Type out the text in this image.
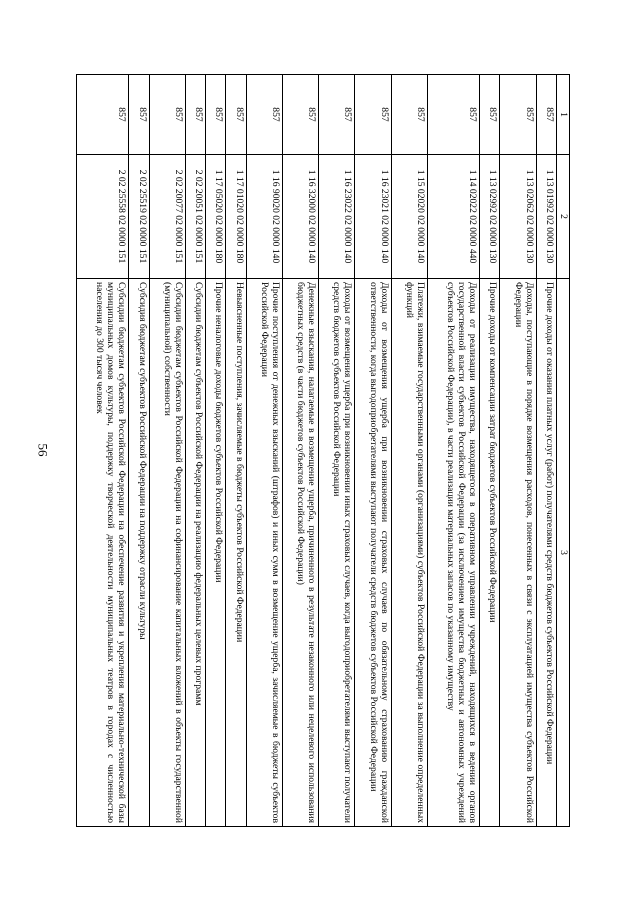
56

1	2	3
857	1 13 01992 02 0000 130	Прочие доходы от оказания платных услуг (работ) получателями средств бюджетов субъектов Российской Федерации
857	1 13 02062 02 0000 130	Доходы, поступающие в порядке возмещения расходов, понесенных в связи с эксплуатацией имущества субъектов Российской Федерации
857	1 13 02992 02 0000 130	Прочие доходы от компенсации затрат бюджетов субъектов Российской Федерации
857	1 14 02022 02 0000 440	Доходы от реализации имущества, находящегося в оперативном управлении учреждений, находящихся в ведении органов государственной власти субъектов Российской Федерации (за исключением имущества бюджетных и автономных учреждений субъектов Российской Федерации), в части реализации материальных запасов по указанному имуществу
857	1 15 02020 02 0000 140	Платежи, взимаемые государственными органами (организациями) субъектов Российской Федерации за выполнение определенных функций
857	1 16 23021 02 0000 140	Доходы от возмещения ущерба при возникновении страховых случаев по обязательному страхованию гражданской ответственности, когда выгодоприобретателями выступают получатели средств бюджетов субъектов Российской Федерации
857	1 16 23022 02 0000 140	Доходы от возмещения ущерба при возникновении иных страховых случаев, когда выгодоприобретателями выступают получатели средств бюджетов субъектов Российской Федерации
857	1 16 32000 02 0000 140	Денежные взыскания, налагаемые в возмещение ущерба, причиненного в результате незаконного или нецелевого использования бюджетных средств (в части бюджетов субъектов Российской Федерации)
857	1 16 90020 02 0000 140	Прочие поступления от денежных взысканий (штрафов) и иных сумм в возмещение ущерба, зачисляемые в бюджеты субъектов Российской Федерации
857	1 17 01020 02 0000 180	Невыясненные поступления, зачисляемые в бюджеты субъектов Российской Федерации
857	1 17 05020 02 0000 180	Прочие неналоговые доходы бюджетов субъектов Российской Федерации
857	2 02 20051 02 0000 151	Субсидии бюджетам субъектов Российской Федерации на реализацию федеральных целевых программ
857	2 02 20077 02 0000 151	Субсидии бюджетам субъектов Российской Федерации на софинансирование капитальных вложений в объекты государственной (муниципальной) собственности
857	2 02 25519 02 0000 151	Субсидия бюджетам субъектов Российской Федерации на поддержку отрасли культуры
857	2 02 25558 02 0000 151	Субсидии бюджетам субъектов Российской Федерации на обеспечение развития и укрепления материально-технической базы муниципальных домов культуры, поддержку творческой деятельности муниципальных театров в городах с численностью населения до 300 тысяч человек
